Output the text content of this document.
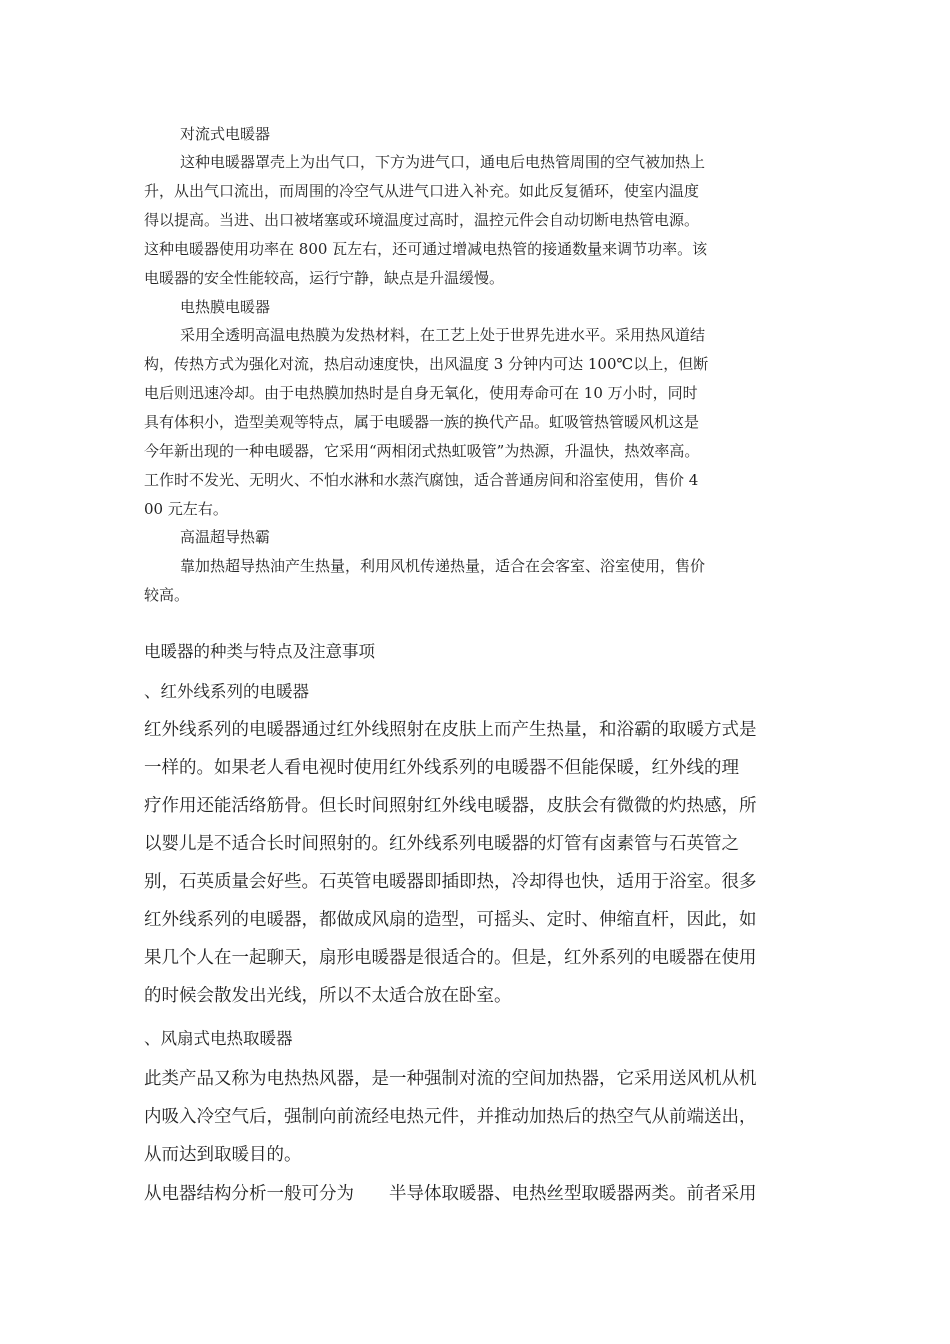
对流式电暖器

这种电暖器罩壳上为出气口，下方为进气口，通电后电热管周围的空气被加热上

升，从出气口流出，而周围的冷空气从进气口进入补充。如此反复循环，使室内温度

得以提高。当进、出口被堵塞或环境温度过高时，温控元件会自动切断电热管电源。

这种电暖器使用功率在 800 瓦左右，还可通过增减电热管的接通数量来调节功率。该

电暖器的安全性能较高，运行宁静，缺点是升温缓慢。

电热膜电暖器

采用全透明高温电热膜为发热材料，在工艺上处于世界先进水平。采用热风道结

构，传热方式为强化对流，热启动速度快，出风温度 3 分钟内可达 100℃以上，但断

电后则迅速冷却。由于电热膜加热时是自身无氧化，使用寿命可在 10 万小时，同时

具有体积小，造型美观等特点，属于电暖器一族的换代产品。虹吸管热管暖风机这是

今年新出现的一种电暖器，它采用“两相闭式热虹吸管”为热源，升温快，热效率高。

工作时不发光、无明火、不怕水淋和水蒸汽腐蚀，适合普通房间和浴室使用，售价 4

00 元左右。

高温超导热霸

靠加热超导热油产生热量，利用风机传递热量，适合在会客室、浴室使用，售价

较高。

电暖器的种类与特点及注意事项

、红外线系列的电暖器

红外线系列的电暖器通过红外线照射在皮肤上而产生热量，和浴霸的取暖方式是

一样的。如果老人看电视时使用红外线系列的电暖器不但能保暖，红外线的理

疗作用还能活络筋骨。但长时间照射红外线电暖器，皮肤会有微微的灼热感，所

以婴儿是不适合长时间照射的。红外线系列电暖器的灯管有卤素管与石英管之

别，石英质量会好些。石英管电暖器即插即热，冷却得也快，适用于浴室。很多

红外线系列的电暖器，都做成风扇的造型，可摇头、定时、伸缩直杆，因此，如

果几个人在一起聊天，扇形电暖器是很适合的。但是，红外系列的电暖器在使用

的时候会散发出光线，所以不太适合放在卧室。

、风扇式电热取暖器

此类产品又称为电热热风器，是一种强制对流的空间加热器，它采用送风机从机

内吸入冷空气后，强制向前流经电热元件，并推动加热后的热空气从前端送出，

从而达到取暖目的。

从电器结构分析一般可分为　　半导体取暖器、电热丝型取暖器两类。前者采用
